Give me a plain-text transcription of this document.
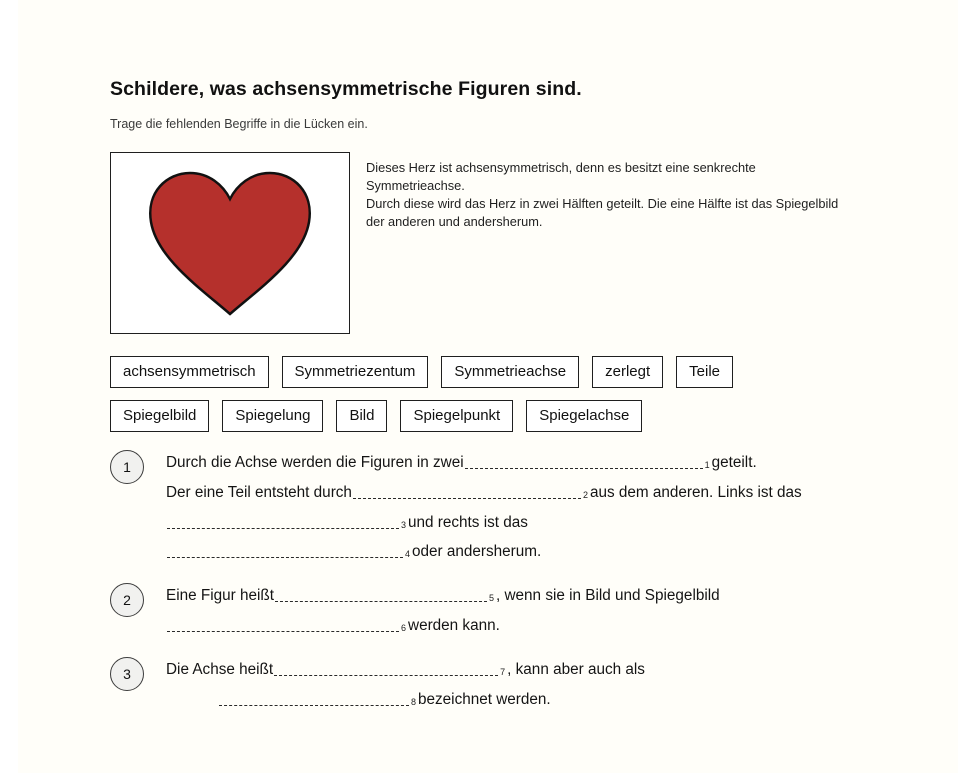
Schildere, was achsensymmetrische Figuren sind.
Trage die fehlenden Begriffe in die Lücken ein.
Dieses Herz ist achsensymmetrisch, denn es besitzt eine senkrechte Symmetrieachse.
Durch diese wird das Herz in zwei Hälften geteilt. Die eine Hälfte ist das Spiegelbild der anderen und andersherum.
achsensymmetrisch	Symmetriezentum	Symmetrieachse	zerlegt	Teile
Spiegelbild	Spiegelung	Bild	Spiegelpunkt	Spiegelachse
1	Durch die Achse werden die Figuren in zwei	1 geteilt.
Der eine Teil entsteht durch	2 aus dem anderen. Links ist das
3 und rechts ist das
4 oder andersherum.
2	Eine Figur heißt	5 , wenn sie in Bild und Spiegelbild
6 werden kann.
3	Die Achse heißt	7 , kann aber auch als
8 bezeichnet werden.
